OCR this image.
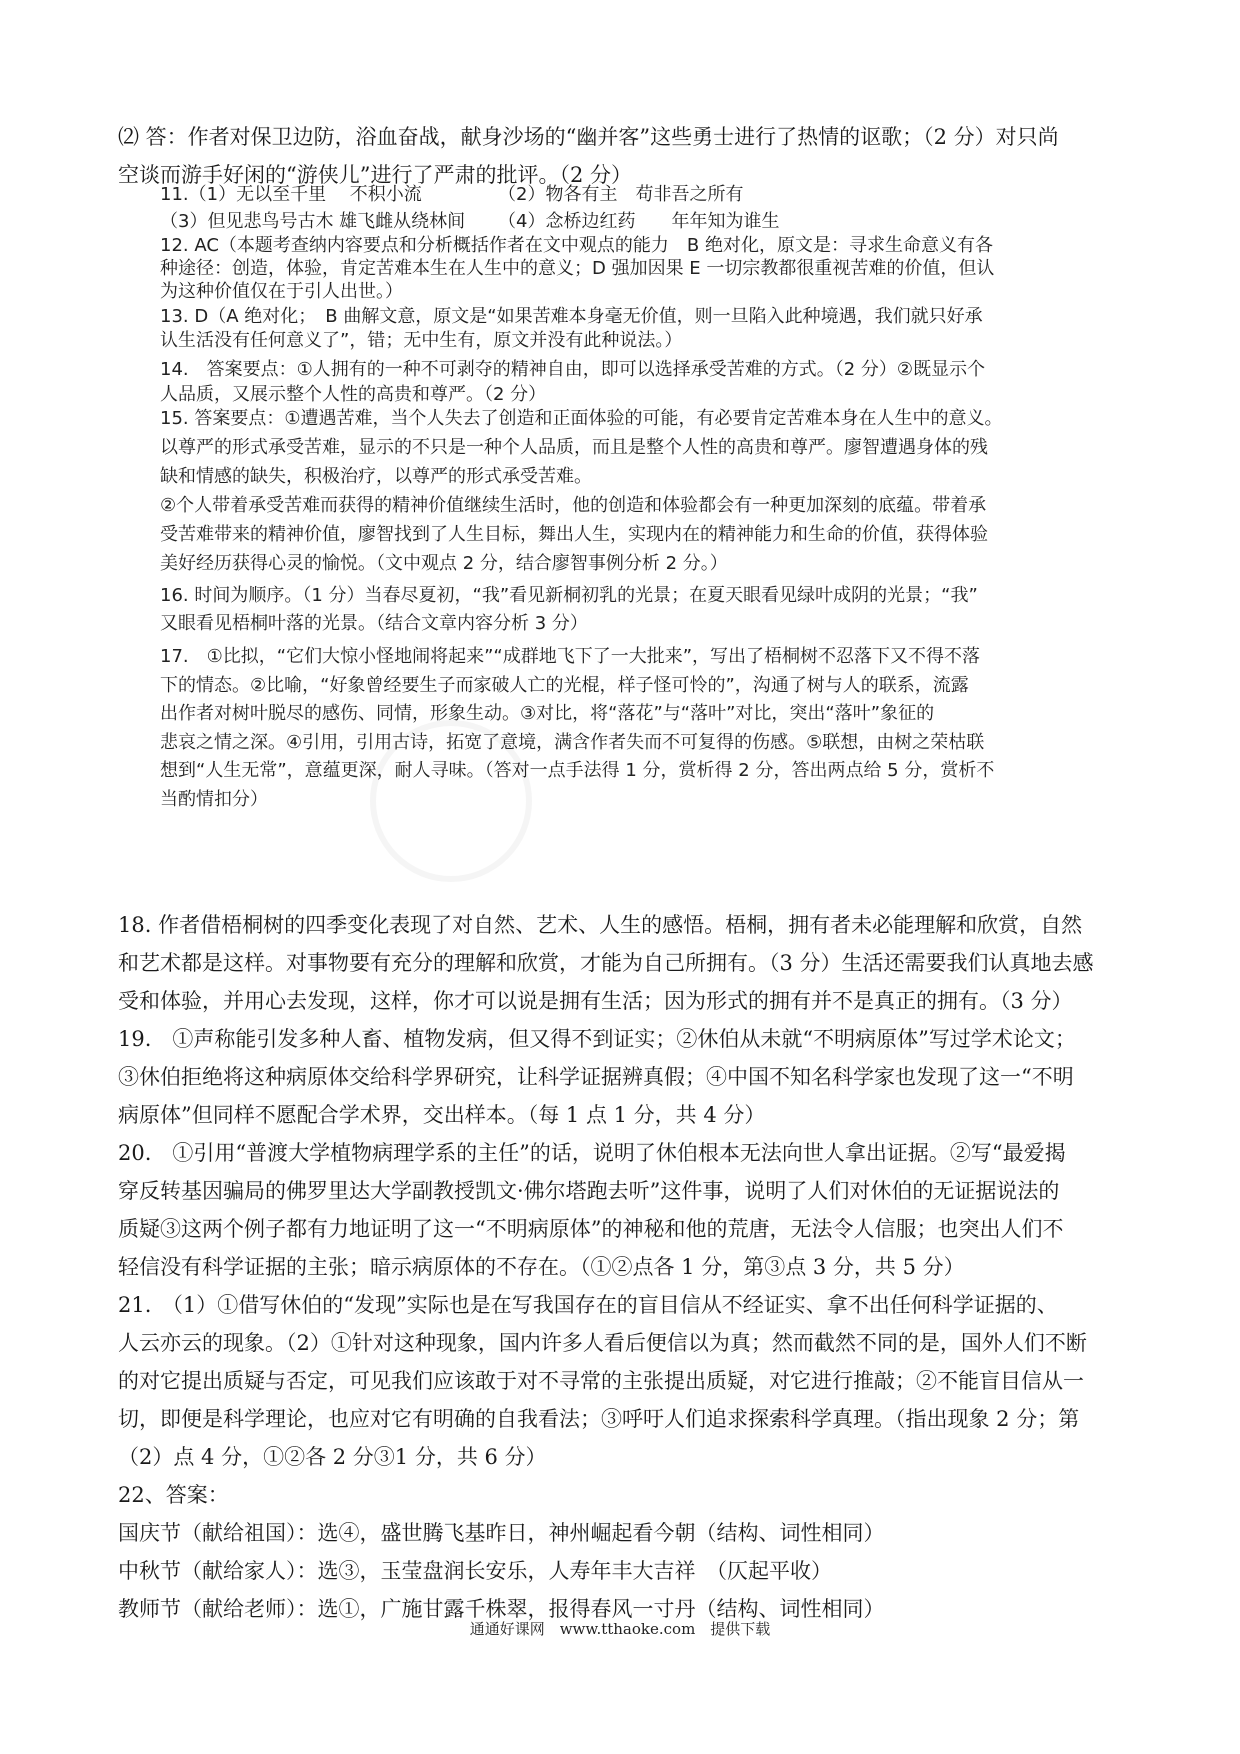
⑵ 答：作者对保卫边防，浴血奋战，献身沙场的“幽并客”这些勇士进行了热情的讴歌；（2 分）对只尚
空谈而游手好闲的“游侠儿”进行了严肃的批评。（2 分）
11.（1）无以至千里　 不积小流	（2）物各有主　苟非吾之所有
（3）但见悲鸟号古木 雄飞雌从绕林间 （4）念桥边红药　　年年知为谁生
12. AC（本题考查纳内容要点和分析概括作者在文中观点的能力　B 绝对化，原文是：寻求生命意义有各
种途径：创造，体验，肯定苦难本生在人生中的意义；D 强加因果 E 一切宗教都很重视苦难的价值，但认
为这种价值仅在于引人出世。）
13. D（A 绝对化；　B 曲解文意，原文是“如果苦难本身毫无价值，则一旦陷入此种境遇，我们就只好承
认生活没有任何意义了”，错；无中生有，原文并没有此种说法。）
14.　答案要点：①人拥有的一种不可剥夺的精神自由，即可以选择承受苦难的方式。（2 分）②既显示个
人品质，又展示整个人性的高贵和尊严。（2 分）
15. 答案要点：①遭遇苦难，当个人失去了创造和正面体验的可能，有必要肯定苦难本身在人生中的意义。
以尊严的形式承受苦难，显示的不只是一种个人品质，而且是整个人性的高贵和尊严。廖智遭遇身体的残
缺和情感的缺失，积极治疗，以尊严的形式承受苦难。
②个人带着承受苦难而获得的精神价值继续生活时，他的创造和体验都会有一种更加深刻的底蕴。带着承
受苦难带来的精神价值，廖智找到了人生目标，舞出人生，实现内在的精神能力和生命的价值，获得体验
美好经历获得心灵的愉悦。（文中观点 2 分，结合廖智事例分析 2 分。）
16. 时间为顺序。（1 分）当春尽夏初，“我”看见新桐初乳的光景；在夏天眼看见绿叶成阴的光景；“我”
又眼看见梧桐叶落的光景。（结合文章内容分析 3 分）
17.　①比拟，“它们大惊小怪地闹将起来”“成群地飞下了一大批来”，写出了梧桐树不忍落下又不得不落
下的情态。②比喻，“好象曾经要生子而家破人亡的光棍，样子怪可怜的”，沟通了树与人的联系，流露
出作者对树叶脱尽的感伤、同情，形象生动。③对比，将“落花”与“落叶”对比，突出“落叶”象征的
悲哀之情之深。④引用，引用古诗，拓宽了意境，满含作者失而不可复得的伤感。⑤联想，由树之荣枯联
想到“人生无常”，意蕴更深，耐人寻味。（答对一点手法得 1 分，赏析得 2 分，答出两点给 5 分，赏析不
当酌情扣分）
18. 作者借梧桐树的四季变化表现了对自然、艺术、人生的感悟。梧桐，拥有者未必能理解和欣赏，自然
和艺术都是这样。对事物要有充分的理解和欣赏，才能为自己所拥有。（3 分）生活还需要我们认真地去感
受和体验，并用心去发现，这样，你才可以说是拥有生活；因为形式的拥有并不是真正的拥有。（3 分）
19.　①声称能引发多种人畜、植物发病，但又得不到证实；②休伯从未就“不明病原体”写过学术论文；
③休伯拒绝将这种病原体交给科学界研究，让科学证据辨真假；④中国不知名科学家也发现了这一“不明
病原体”但同样不愿配合学术界，交出样本。（每 1 点 1 分，共 4 分）
20.　①引用“普渡大学植物病理学系的主任”的话，说明了休伯根本无法向世人拿出证据。②写“最爱揭
穿反转基因骗局的佛罗里达大学副教授凯文·佛尔塔跑去听”这件事，说明了人们对休伯的无证据说法的
质疑③这两个例子都有力地证明了这一“不明病原体”的神秘和他的荒唐，无法令人信服；也突出人们不
轻信没有科学证据的主张；暗示病原体的不存在。（①②点各 1 分，第③点 3 分，共 5 分）
21.　（1）①借写休伯的“发现”实际也是在写我国存在的盲目信从不经证实、拿不出任何科学证据的、
人云亦云的现象。（2）①针对这种现象，国内许多人看后便信以为真；然而截然不同的是，国外人们不断
的对它提出质疑与否定，可见我们应该敢于对不寻常的主张提出质疑，对它进行推敲；②不能盲目信从一
切，即便是科学理论，也应对它有明确的自我看法；③呼吁人们追求探索科学真理。（指出现象 2 分；第
（2）点 4 分，①②各 2 分③1 分，共 6 分）
22、答案：
国庆节（献给祖国）：选④，盛世腾飞基昨日，神州崛起看今朝（结构、词性相同）
中秋节（献给家人）：选③，玉莹盘润长安乐，人寿年丰大吉祥　（仄起平收）
教师节（献给老师）：选①，广施甘露千株翠，报得春风一寸丹（结构、词性相同）
通通好课网　www.tthaoke.com　提供下载
